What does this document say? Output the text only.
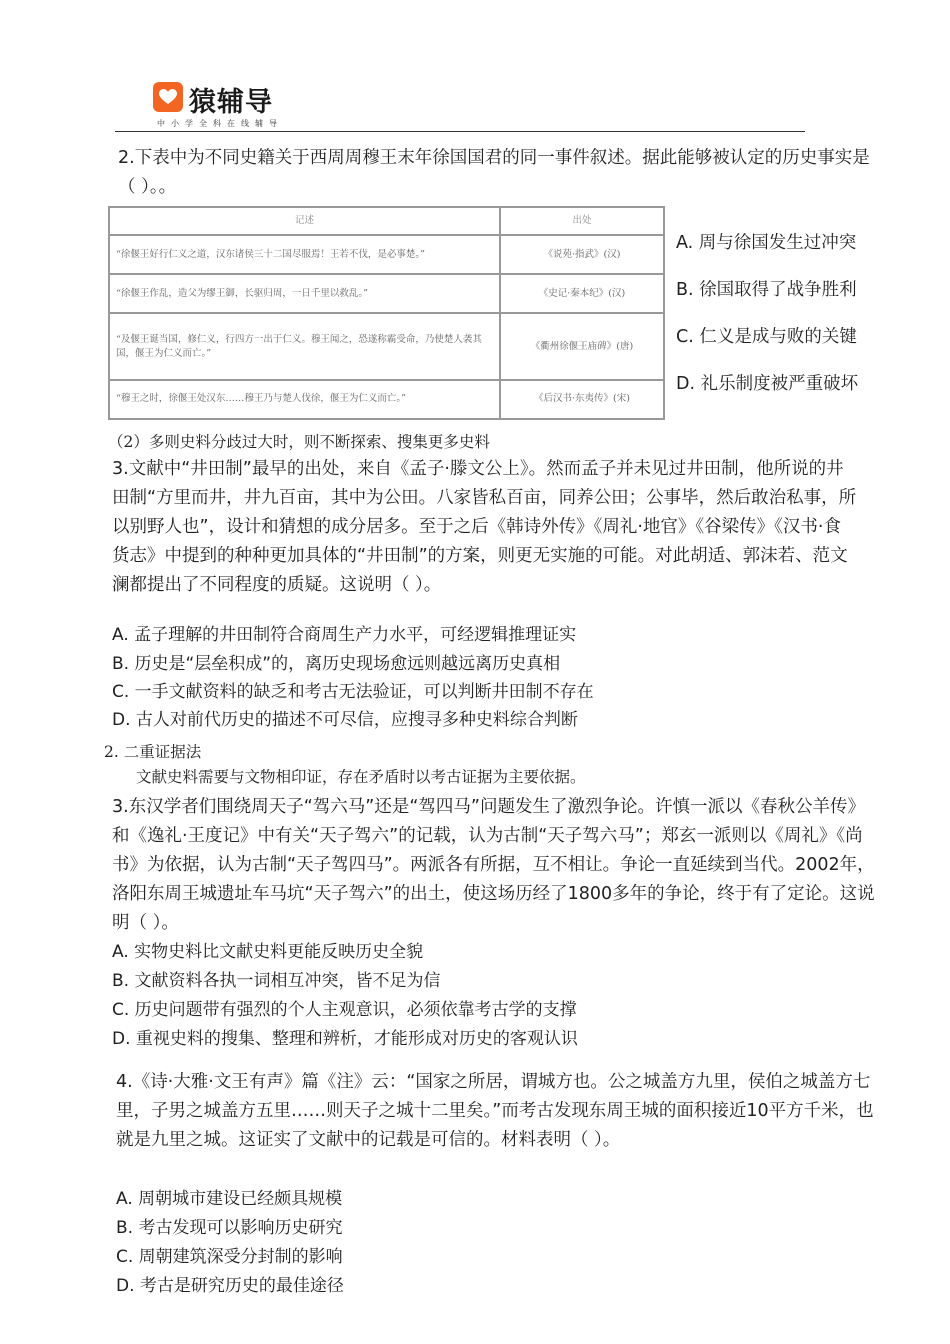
猿辅导
中小学全科在线辅导
2.下表中为不同史籍关于西周周穆王末年徐国国君的同一事件叙述。据此能够被认定的历史事实是（ ）。。
记述	出处
“徐偃王好行仁义之道，汉东诸侯三十二国尽服焉！王若不伐，是必事楚。”	《说苑·指武》(汉)
“徐偃王作乱，造父为缪王御，长驱归周，一日千里以救乱。”	《史记·秦本纪》(汉)
“及偃王诞当国，修仁义，行四方一出于仁义。穆王闻之，恐遂称霸受命，乃使楚人袭其国，偃王为仁义而亡。”	《衢州徐偃王庙碑》(唐)
“穆王之时，徐偃王处汉东……穆王乃与楚人伐徐，偃王为仁义而亡。”	《后汉书·东夷传》(宋)
A. 周与徐国发生过冲突
B. 徐国取得了战争胜利
C. 仁义是成与败的关键
D. 礼乐制度被严重破坏
（2）多则史料分歧过大时，则不断探索、搜集更多史料
3.文献中“井田制”最早的出处，来自《孟子·滕文公上》。然而孟子并未见过井田制，他所说的井田制“方里而井，井九百亩，其中为公田。八家皆私百亩，同养公田；公事毕，然后敢治私事，所以别野人也”，设计和猜想的成分居多。至于之后《韩诗外传》《周礼·地官》《谷梁传》《汉书·食货志》中提到的种种更加具体的“井田制”的方案，则更无实施的可能。对此胡适、郭沫若、范文澜都提出了不同程度的质疑。这说明（ ）。
A. 孟子理解的井田制符合商周生产力水平，可经逻辑推理证实
B. 历史是“层垒积成”的，离历史现场愈远则越远离历史真相
C. 一手文献资料的缺乏和考古无法验证，可以判断井田制不存在
D. 古人对前代历史的描述不可尽信，应搜寻多种史料综合判断
2. 二重证据法
文献史料需要与文物相印证，存在矛盾时以考古证据为主要依据。
3.东汉学者们围绕周天子“驾六马”还是“驾四马”问题发生了激烈争论。许慎一派以《春秋公羊传》和《逸礼·王度记》中有关“天子驾六”的记载，认为古制“天子驾六马”；郑玄一派则以《周礼》《尚书》为依据，认为古制“天子驾四马”。两派各有所据，互不相让。争论一直延续到当代。2002年，洛阳东周王城遗址车马坑“天子驾六”的出土，使这场历经了1800多年的争论，终于有了定论。这说明（ ）。
A. 实物史料比文献史料更能反映历史全貌
B. 文献资料各执一词相互冲突，皆不足为信
C. 历史问题带有强烈的个人主观意识，必须依靠考古学的支撑
D. 重视史料的搜集、整理和辨析，才能形成对历史的客观认识
4.《诗·大雅·文王有声》篇《注》云：“国家之所居，谓城方也。公之城盖方九里，侯伯之城盖方七里，子男之城盖方五里……则天子之城十二里矣。”而考古发现东周王城的面积接近10平方千米，也就是九里之城。这证实了文献中的记载是可信的。材料表明（ ）。
A. 周朝城市建设已经颇具规模
B. 考古发现可以影响历史研究
C. 周朝建筑深受分封制的影响
D. 考古是研究历史的最佳途径
